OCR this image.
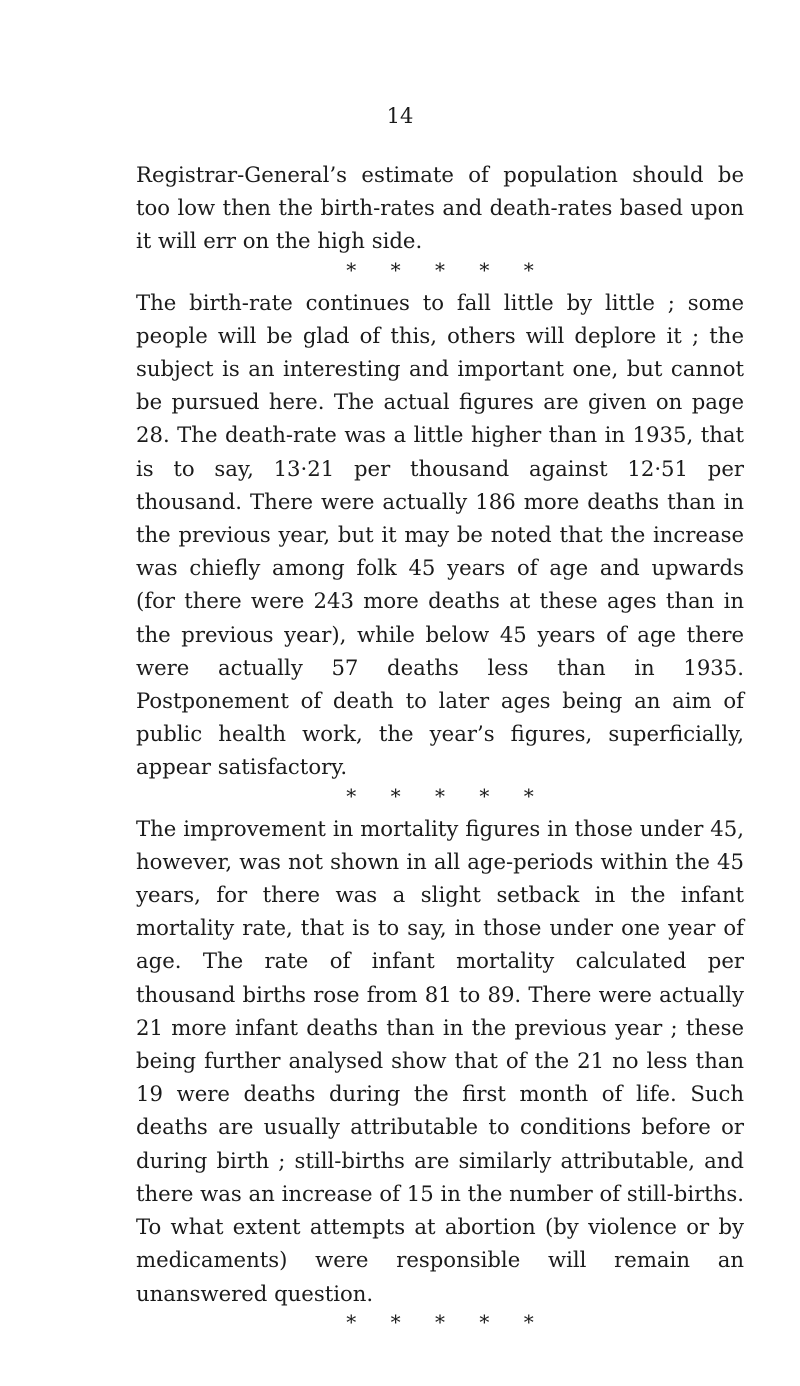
14

Registrar-General’s estimate of population should be too low then the birth-rates and death-rates based upon it will err on the high side.

* * * * *

The birth-rate continues to fall little by little ; some people will be glad of this, others will deplore it ; the subject is an interesting and important one, but cannot be pursued here. The actual figures are given on page 28. The death-rate was a little higher than in 1935, that is to say, 13·21 per thousand against 12·51 per thousand. There were actually 186 more deaths than in the previous year, but it may be noted that the increase was chiefly among folk 45 years of age and upwards (for there were 243 more deaths at these ages than in the previous year), while below 45 years of age there were actually 57 deaths less than in 1935. Postponement of death to later ages being an aim of public health work, the year’s figures, superficially, appear satisfactory.

* * * * *

The improvement in mortality figures in those under 45, however, was not shown in all age-periods within the 45 years, for there was a slight setback in the infant mortality rate, that is to say, in those under one year of age. The rate of infant mortality calculated per thousand births rose from 81 to 89. There were actually 21 more infant deaths than in the previous year ; these being further analysed show that of the 21 no less than 19 were deaths during the first month of life. Such deaths are usually attributable to conditions before or during birth ; still-births are similarly attributable, and there was an increase of 15 in the number of still-births. To what extent attempts at abortion (by violence or by medicaments) were responsible will remain an unanswered question.

* * * * *
